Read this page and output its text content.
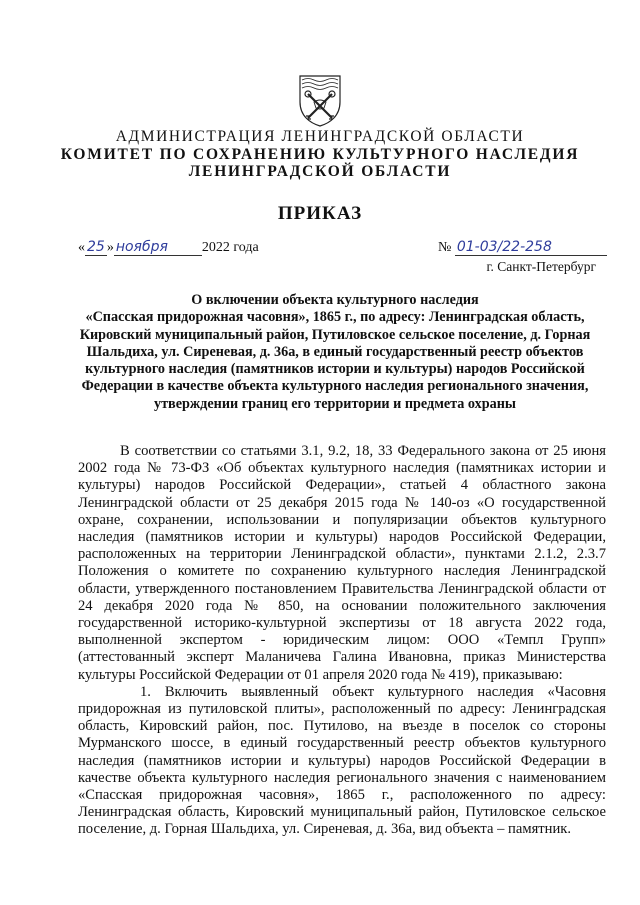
АДМИНИСТРАЦИЯ ЛЕНИНГРАДСКОЙ ОБЛАСТИ
КОМИТЕТ ПО СОХРАНЕНИЮ КУЛЬТУРНОГО НАСЛЕДИЯ
ЛЕНИНГРАДСКОЙ ОБЛАСТИ
ПРИКАЗ
« 25 » ноября 2022 года	№ 01-03/22-258
г. Санкт-Петербург
О включении объекта культурного наследия
«Спасская придорожная часовня», 1865 г., по адресу: Ленинградская область,
Кировский муниципальный район, Путиловское сельское поселение, д. Горная
Шальдиха, ул. Сиреневая, д. 36а, в единый государственный реестр объектов
культурного наследия (памятников истории и культуры) народов Российской
Федерации в качестве объекта культурного наследия регионального значения,
утверждении границ его территории и предмета охраны

В соответствии со статьями 3.1, 9.2, 18, 33 Федерального закона от 25 июня 2002 года № 73-ФЗ «Об объектах культурного наследия (памятниках истории и культуры) народов Российской Федерации», статьей 4 областного закона Ленинградской области от 25 декабря 2015 года № 140-оз «О государственной охране, сохранении, использовании и популяризации объектов культурного наследия (памятников истории и культуры) народов Российской Федерации, расположенных на территории Ленинградской области», пунктами 2.1.2, 2.3.7 Положения о комитете по сохранению культурного наследия Ленинградской области, утвержденного постановлением Правительства Ленинградской области от 24 декабря 2020 года № 850, на основании положительного заключения государственной историко-культурной экспертизы от 18 августа 2022 года, выполненной экспертом - юридическим лицом: ООО «Темпл Групп» (аттестованный эксперт Маланичева Галина Ивановна, приказ Министерства культуры Российской Федерации от 01 апреля 2020 года № 419), приказываю:

1. Включить выявленный объект культурного наследия «Часовня придорожная из путиловской плиты», расположенный по адресу: Ленинградская область, Кировский район, пос. Путилово, на въезде в поселок со стороны Мурманского шоссе, в единый государственный реестр объектов культурного наследия (памятников истории и культуры) народов Российской Федерации в качестве объекта культурного наследия регионального значения с наименованием «Спасская придорожная часовня», 1865 г., расположенного по адресу: Ленинградская область, Кировский муниципальный район, Путиловское сельское поселение, д. Горная Шальдиха, ул. Сиреневая, д. 36а, вид объекта – памятник.
